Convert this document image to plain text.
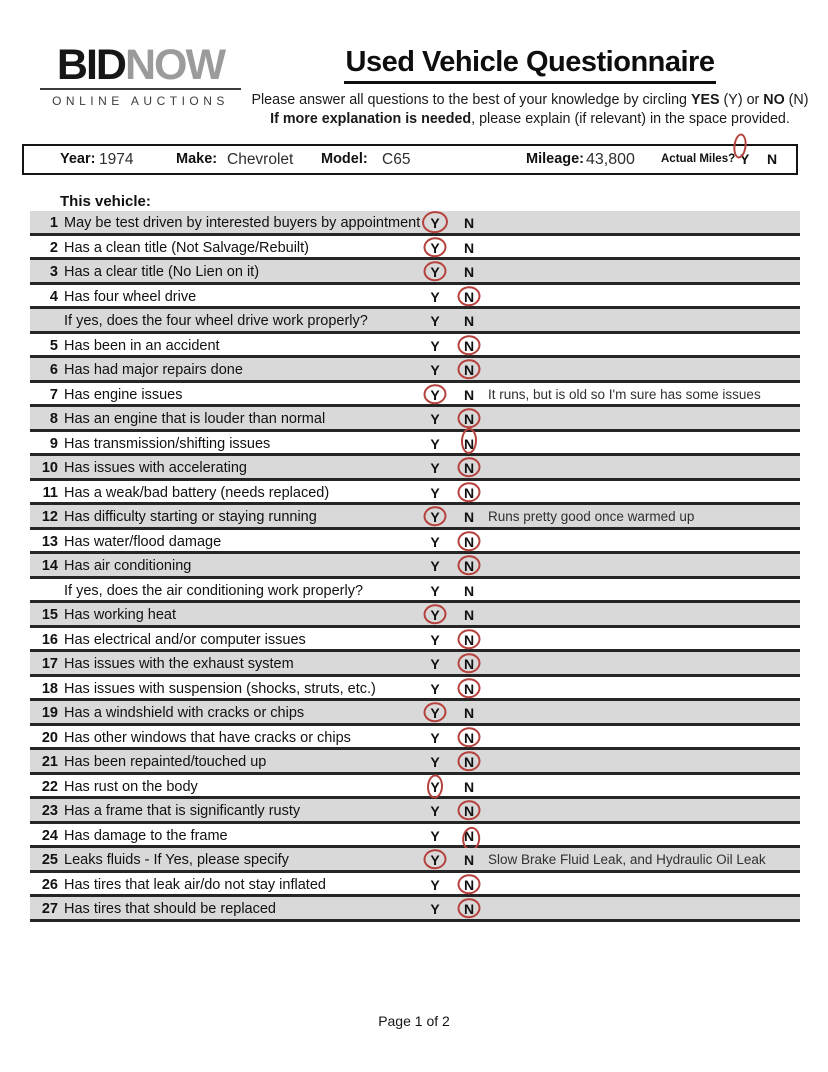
BIDNOW
ONLINE AUCTIONS
Used Vehicle Questionnaire
Please answer all questions to the best of your knowledge by circling YES (Y) or NO (N)
If more explanation is needed, please explain (if relevant) in the space provided.
Year: 1974	Make: Chevrolet Model: C65	Mileage: 43,800 Actual Miles? Y N
This vehicle:
1 May be test driven by interested buyers by appointment Y	N
2 Has a clean title (Not Salvage/Rebuilt)	Y	N
3 Has a clear title (No Lien on it)	Y	N
4 Has four wheel drive	Y	N
If yes, does the four wheel drive work properly?	Y	N
5 Has been in an accident	Y	N
6 Has had major repairs done	Y	N
7 Has engine issues	Y	N	It runs, but is old so I'm sure has some issues
8 Has an engine that is louder than normal	Y	N
9 Has transmission/shifting issues	Y	N
10 Has issues with accelerating	Y	N
11 Has a weak/bad battery (needs replaced)	Y	N
12 Has difficulty starting or staying running	Y	N	Runs pretty good once warmed up
13 Has water/flood damage	Y	N
14 Has air conditioning	Y	N
If yes, does the air conditioning work properly?	Y	N
15 Has working heat	Y	N
16 Has electrical and/or computer issues	Y	N
17 Has issues with the exhaust system	Y	N
18 Has issues with suspension (shocks, struts, etc.)	Y	N
19 Has a windshield with cracks or chips	Y	N
20 Has other windows that have cracks or chips	Y	N
21 Has been repainted/touched up	Y	N
22 Has rust on the body	Y	N
23 Has a frame that is significantly rusty	Y	N
24 Has damage to the frame	Y	N
25 Leaks fluids - If Yes, please specify	Y	N	Slow Brake Fluid Leak, and Hydraulic Oil Leak
26 Has tires that leak air/do not stay inflated	Y	N
27 Has tires that should be replaced	Y	N
Page 1 of 2
